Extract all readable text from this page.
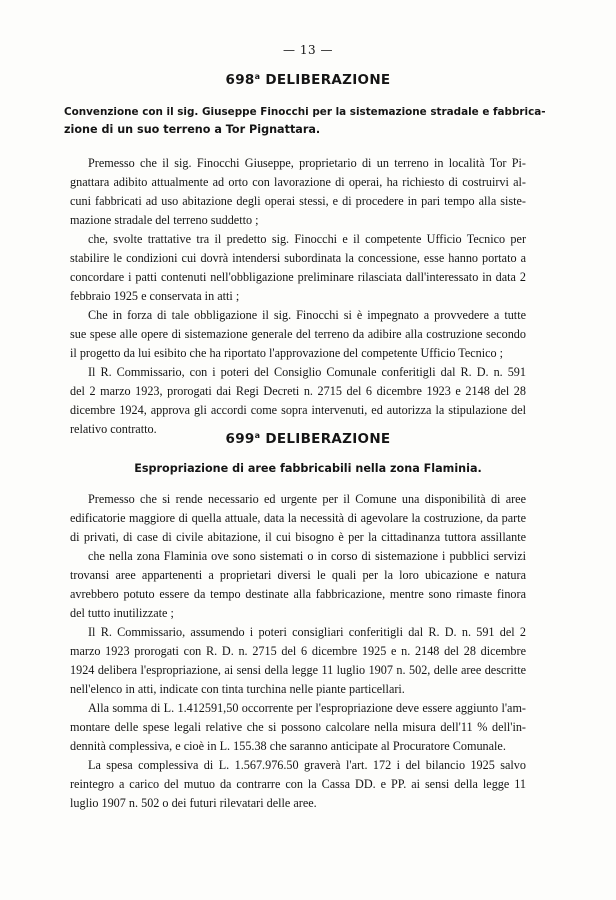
— 13 —
698$^a$ DELIBERAZIONE
Convenzione con il sig. Giuseppe Finocchi per la sistemazione stradale e fabbrica-
zione di un suo terreno a Tor Pignattara.
Premesso che il sig. Finocchi Giuseppe, proprietario di un terreno in località Tor Pi-
gnattara adibito attualmente ad orto con lavorazione di operai, ha richiesto di costruirvi al-
cuni fabbricati ad uso abitazione degli operai stessi, e di procedere in pari tempo alla siste-
mazione stradale del terreno suddetto ;
che, svolte trattative tra il predetto sig. Finocchi e il competente Ufficio Tecnico per
stabilire le condizioni cui dovrà intendersi subordinata la concessione, esse hanno portato a
concordare i patti contenuti nell'obbligazione preliminare rilasciata dall'interessato in data 2
febbraio 1925 e conservata in atti ;
Che in forza di tale obbligazione il sig. Finocchi si è impegnato a provvedere a tutte
sue spese alle opere di sistemazione generale del terreno da adibire alla costruzione secondo
il progetto da lui esibito che ha riportato l'approvazione del competente Ufficio Tecnico ;
Il R. Commissario, con i poteri del Consiglio Comunale conferitigli dal R. D. n. 591
del 2 marzo 1923, prorogati dai Regi Decreti n. 2715 del 6 dicembre 1923 e 2148 del 28
dicembre 1924, approva gli accordi come sopra intervenuti, ed autorizza la stipulazione del
relativo contratto.
699$^a$ DELIBERAZIONE
Espropriazione di aree fabbricabili nella zona Flaminia.
Premesso che si rende necessario ed urgente per il Comune una disponibilità di aree
edificatorie maggiore di quella attuale, data la necessità di agevolare la costruzione, da parte
di privati, di case di civile abitazione, il cui bisogno è per la cittadinanza tuttora assillante
che nella zona Flaminia ove sono sistemati o in corso di sistemazione i pubblici servizi
trovansi aree appartenenti a proprietari diversi le quali per la loro ubicazione e natura
avrebbero potuto essere da tempo destinate alla fabbricazione, mentre sono rimaste finora
del tutto inutilizzate ;
Il R. Commissario, assumendo i poteri consigliari conferitigli dal R. D. n. 591 del 2
marzo 1923 prorogati con R. D. n. 2715 del 6 dicembre 1925 e n. 2148 del 28 dicembre
1924 delibera l'espropriazione, ai sensi della legge 11 luglio 1907 n. 502, delle aree descritte
nell'elenco in atti, indicate con tinta turchina nelle piante particellari.
Alla somma di L. 1.412591,50 occorrente per l'espropriazione deve essere aggiunto l'am-
montare delle spese legali relative che si possono calcolare nella misura dell'11 % dell'in-
dennità complessiva, e cioè in L. 155.38 che saranno anticipate al Procuratore Comunale.
La spesa complessiva di L. 1.567.976.50 graverà l'art. 172 i del bilancio 1925 salvo
reintegro a carico del mutuo da contrarre con la Cassa DD. e PP. ai sensi della legge 11
luglio 1907 n. 502 o dei futuri rilevatari delle aree.
